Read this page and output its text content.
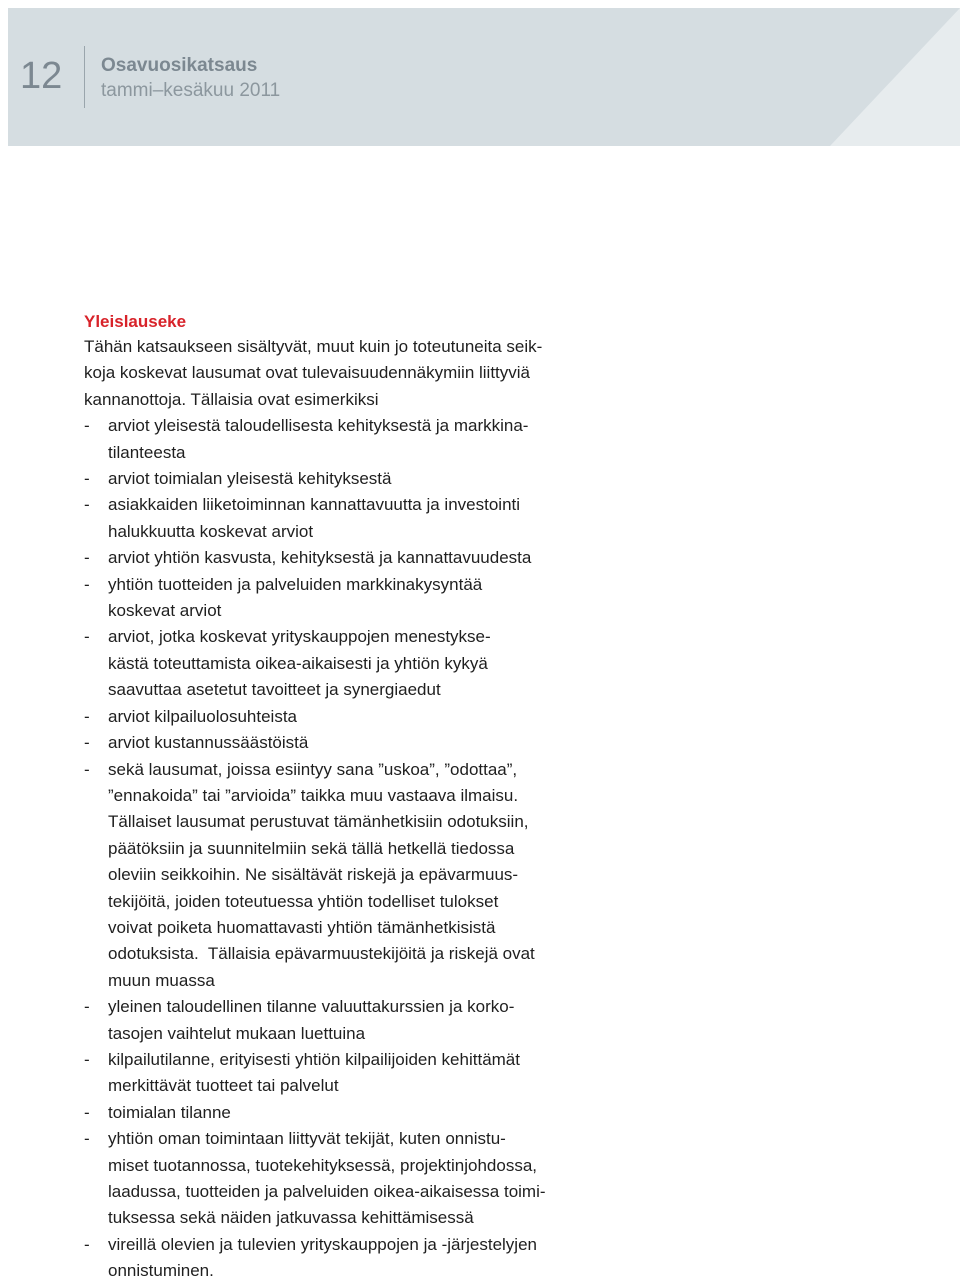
12 Osavuosikatsaus
tammi–kesäkuu 2011
Yleislauseke
Tähän katsaukseen sisältyvät, muut kuin jo toteutuneita seik-
koja koskevat lausumat ovat tulevaisuudennäkymiin liittyviä
kannanottoja. Tällaisia ovat esimerkiksi
- arviot yleisestä taloudellisesta kehityksestä ja markkina-
tilanteesta
- arviot toimialan yleisestä kehityksestä
- asiakkaiden liiketoiminnan kannattavuutta ja investointi
halukkuutta koskevat arviot
- arviot yhtiön kasvusta, kehityksestä ja kannattavuudesta
- yhtiön tuotteiden ja palveluiden markkinakysyntää
koskevat arviot
- arviot, jotka koskevat yrityskauppojen menestykse-
kästä toteuttamista oikea-aikaisesti ja yhtiön kykyä
saavuttaa asetetut tavoitteet ja synergiaedut
- arviot kilpailuolosuhteista
- arviot kustannussäästöistä
- sekä lausumat, joissa esiintyy sana ”uskoa”, ”odottaa”,
”ennakoida” tai ”arvioida” taikka muu vastaava ilmaisu.
Tällaiset lausumat perustuvat tämänhetkisiin odotuksiin,
päätöksiin ja suunnitelmiin sekä tällä hetkellä tiedossa
oleviin seikkoihin. Ne sisältävät riskejä ja epävarmuus-
tekijöitä, joiden toteutuessa yhtiön todelliset tulokset
voivat poiketa huomattavasti yhtiön tämänhetkisistä
odotuksista.  Tällaisia epävarmuustekijöitä ja riskejä ovat
muun muassa
- yleinen taloudellinen tilanne valuuttakurssien ja korko-
tasojen vaihtelut mukaan luettuina
- kilpailutilanne, erityisesti yhtiön kilpailijoiden kehittämät
merkittävät tuotteet tai palvelut
- toimialan tilanne
- yhtiön oman toimintaan liittyvät tekijät, kuten onnistu-
miset tuotannossa, tuotekehityksessä, projektinjohdossa,
laadussa, tuotteiden ja palveluiden oikea-aikaisessa toimi-
tuksessa sekä näiden jatkuvassa kehittämisessä
- vireillä olevien ja tulevien yrityskauppojen ja -järjestelyjen
onnistuminen.
